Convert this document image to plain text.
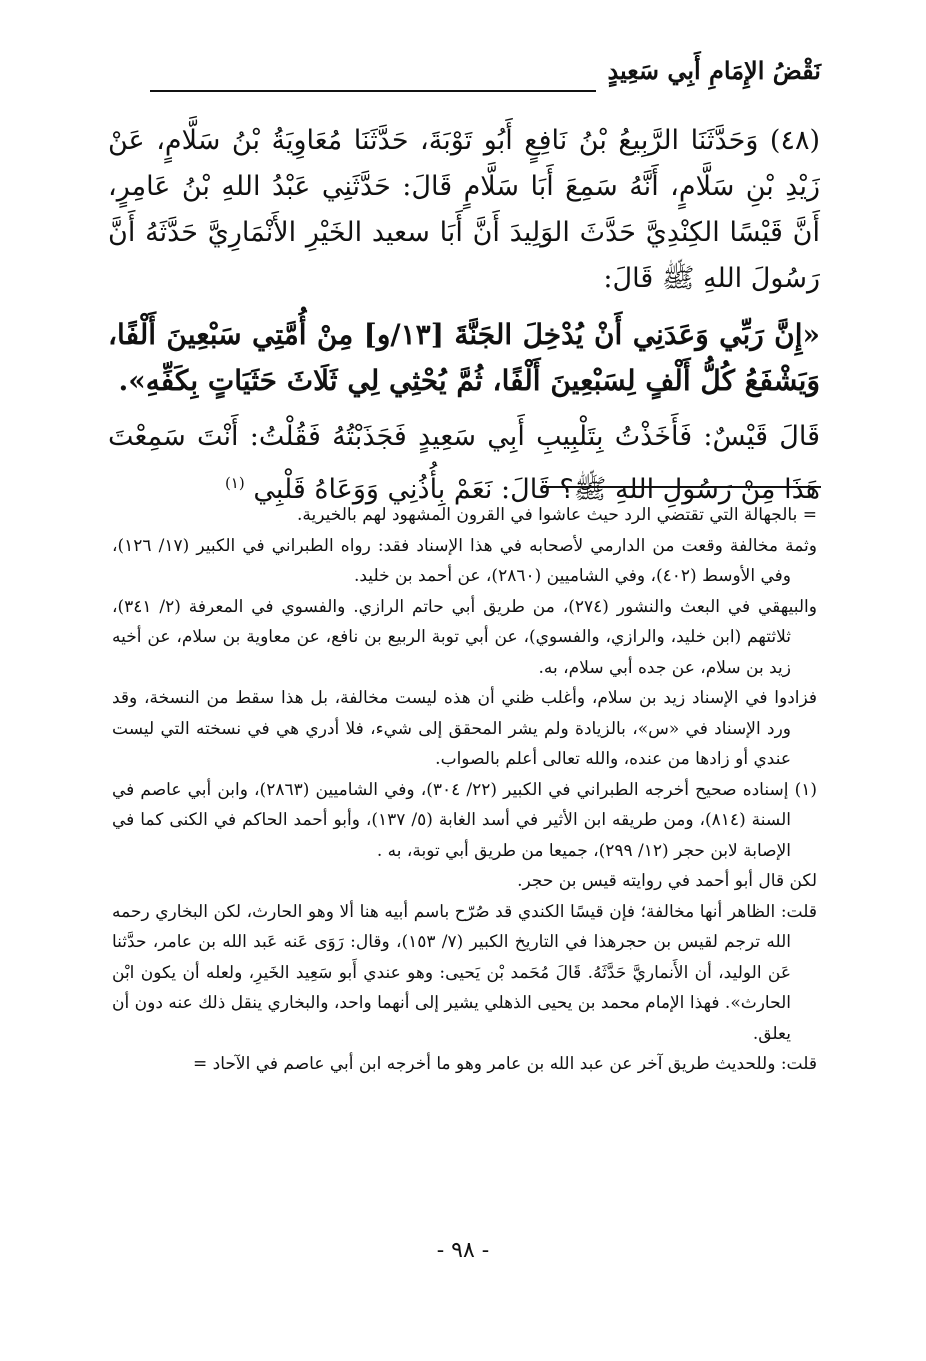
نَقْضُ الإِمَامِ أَبِي سَعِيدٍ

(٤٨) وَحَدَّثَنَا الرَّبِيعُ بْنُ نَافِعٍ أَبُو تَوْبَةَ، حَدَّثَنَا مُعَاوِيَةُ بْنُ سَلَّامٍ، عَنْ زَيْدِ بْنِ سَلَّامٍ، أَنَّهُ سَمِعَ أَبَا سَلَّامٍ قَالَ: حَدَّثَنِي عَبْدُ اللهِ بْنُ عَامِرٍ، أَنَّ قَيْسًا الكِنْدِيَّ حَدَّثَ الوَلِيدَ أَنَّ أَبَا سعيد الخَيْرِ الأَنْمَارِيَّ حَدَّثَهُ أَنَّ رَسُولَ اللهِ ﷺ قَالَ:

«إِنَّ رَبِّي وَعَدَنِي أَنْ يُدْخِلَ الجَنَّةَ [١٣/و] مِنْ أُمَّتِي سَبْعِينَ أَلْفًا، وَيَشْفَعُ كُلُّ أَلْفٍ لِسَبْعِينَ أَلْفًا، ثُمَّ يُحْثِي لِي ثَلَاثَ حَثَيَاتٍ بِكَفِّهِ».

قَالَ قَيْسٌ: فَأَخَذْتُ بِتَلْبِيبِ أَبِي سَعِيدٍ فَجَذَبْتُهُ فَقُلْتُ: أَنْتَ سَمِعْتَ هَذَا مِنْ رَسُولِ اللهِ ﷺ؟ قَالَ: نَعَمْ بِأُذُنِي وَوَعَاهُ قَلْبِي $^{(١)}$

= بالجهالة التي تقتضي الرد حيث عاشوا في القرون المشهود لهم بالخيرية.

وثمة مخالفة وقعت من الدارمي لأصحابه في هذا الإسناد فقد: رواه الطبراني في الكبير (١٧/ ١٢٦)، وفي الأوسط (٤٠٢)، وفي الشاميين (٢٨٦٠)، عن أحمد بن خليد.

والبيهقي في البعث والنشور (٢٧٤)، من طريق أبي حاتم الرازي. والفسوي في المعرفة (٢/ ٣٤١)، ثلاثتهم (ابن خليد، والرازي، والفسوي)، عن أبي توبة الربيع بن نافع، عن معاوية بن سلام، عن أخيه زيد بن سلام، عن جده أبي سلام، به.

فزادوا في الإسناد زيد بن سلام، وأغلب ظني أن هذه ليست مخالفة، بل هذا سقط من النسخة، وقد ورد الإسناد في «س»، بالزيادة ولم يشر المحقق إلى شيء، فلا أدري هي في نسخته التي ليست عندي أو زادها من عنده، والله تعالى أعلم بالصواب.

(١) إسناده صحيح أخرجه الطبراني في الكبير (٢٢/ ٣٠٤)، وفي الشاميين (٢٨٦٣)، وابن أبي عاصم في السنة (٨١٤)، ومن طريقه ابن الأثير في أسد الغابة (٥/ ١٣٧)، وأبو أحمد الحاكم في الكنى كما في الإصابة لابن حجر (١٢/ ٢٩٩)، جميعا من طريق أبي توبة، به .

لكن قال أبو أحمد في روايته قيس بن حجر.

قلت: الظاهر أنها مخالفة؛ فإن قيسًا الكندي قد صُرّح باسم أبيه هنا ألا وهو الحارث، لكن البخاري رحمه الله ترجم لقيس بن حجرهذا في التاريخ الكبير (٧/ ١٥٣)، وقال: رَوَى عَنه عَبد الله بن عامر، حدَّثنا عَن الوليد، أن الأَنماريَّ حَدَّثَهُ. قَالَ مُحَمد بْن يَحيى: وهو عندي أَبو سَعِيد الخَيرِ، ولعله أن يكون ابْن الحارث». فهذا الإمام محمد بن يحيى الذهلي يشير إلى أنهما واحد، والبخاري ينقل ذلك عنه دون أن يعلق.

قلت: وللحديث طريق آخر عن عبد الله بن عامر وهو ما أخرجه ابن أبي عاصم في الآحاد =

- ٩٨ -
